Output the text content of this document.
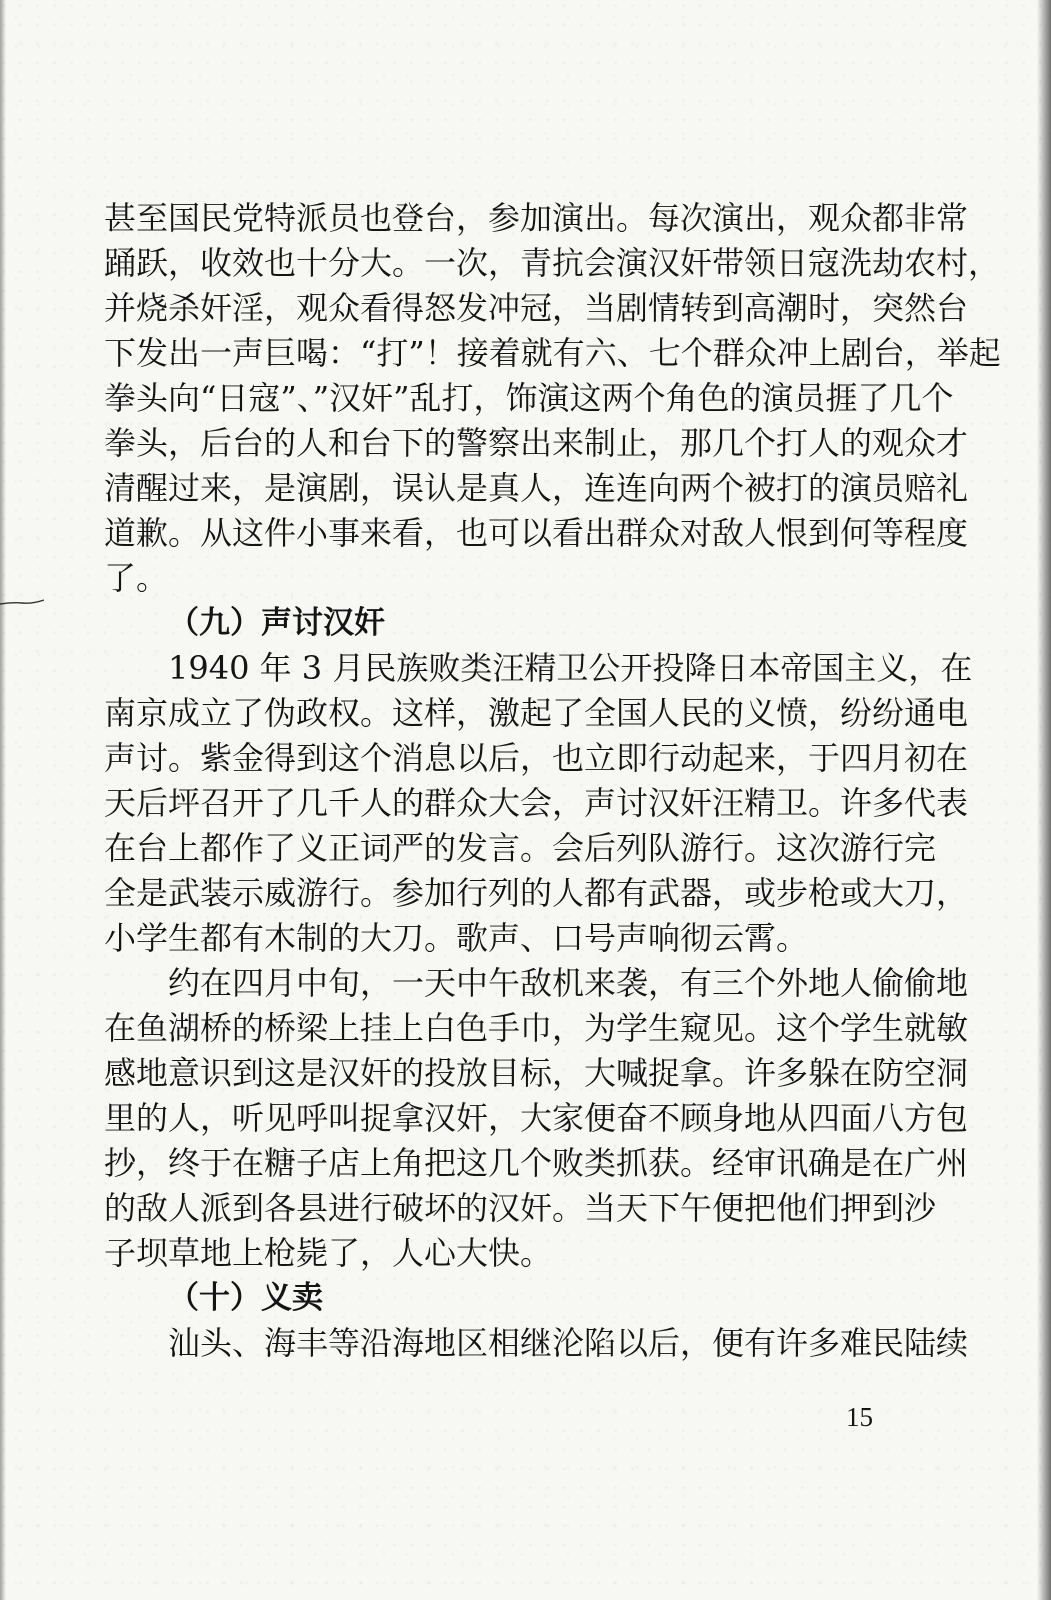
甚至国民党特派员也登台，参加演出。每次演出，观众都非常
踊跃，收效也十分大。一次，青抗会演汉奸带领日寇洗劫农村，
并烧杀奸淫，观众看得怒发冲冠，当剧情转到高潮时，突然台
下发出一声巨喝：“打”！接着就有六、七个群众冲上剧台，举起
拳头向“日寇”、”汉奸”乱打，饰演这两个角色的演员捱了几个
拳头，后台的人和台下的警察出来制止，那几个打人的观众才
清醒过来，是演剧，误认是真人，连连向两个被打的演员赔礼
道歉。从这件小事来看，也可以看出群众对敌人恨到何等程度
了。
（九）声讨汉奸
1940 年 3 月民族败类汪精卫公开投降日本帝国主义，在
南京成立了伪政权。这样，激起了全国人民的义愤，纷纷通电
声讨。紫金得到这个消息以后，也立即行动起来，于四月初在
天后坪召开了几千人的群众大会，声讨汉奸汪精卫。许多代表
在台上都作了义正词严的发言。会后列队游行。这次游行完
全是武装示威游行。参加行列的人都有武器，或步枪或大刀，
小学生都有木制的大刀。歌声、口号声响彻云霄。
约在四月中旬，一天中午敌机来袭，有三个外地人偷偷地
在鱼湖桥的桥梁上挂上白色手巾，为学生窥见。这个学生就敏
感地意识到这是汉奸的投放目标，大喊捉拿。许多躲在防空洞
里的人，听见呼叫捉拿汉奸，大家便奋不顾身地从四面八方包
抄，终于在糖子店上角把这几个败类抓获。经审讯确是在广州
的敌人派到各县进行破坏的汉奸。当天下午便把他们押到沙
子坝草地上枪毙了，人心大快。
（十）义卖
汕头、海丰等沿海地区相继沦陷以后，便有许多难民陆续
15
